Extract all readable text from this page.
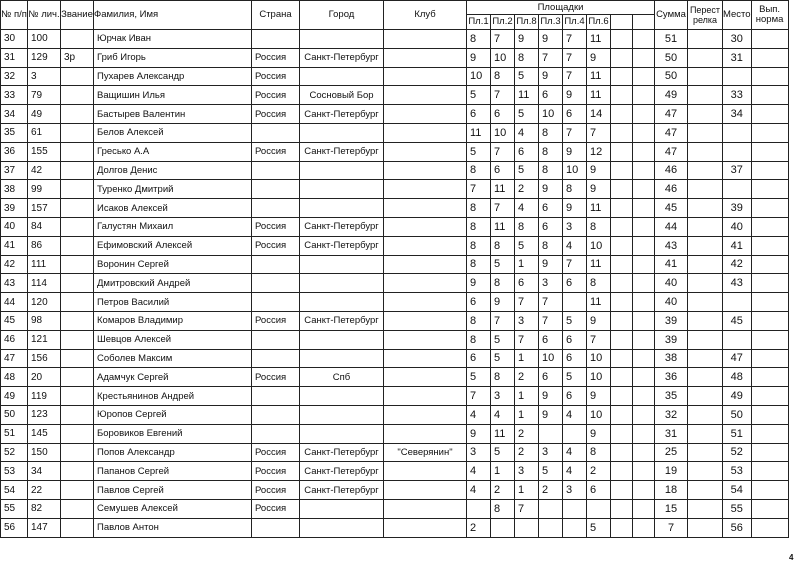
№ п/п	№ лич.	Звание	Фамилия, Имя	Страна	Город	Клуб	Площадки								Сумма	Перестрелка	Место	Вып. норма
							Пл.1	Пл.2	Пл.8	Пл.3	Пл.4	Пл.6						
30	100		Юрчак Иван				8	7	9	9	7	11			51		30	
31	129	3р	Гриб Игорь	Россия	Санкт-Петербург		9	10	8	7	7	9			50		31	
32	3		Пухарев Александр	Россия			10	8	5	9	7	11			50			
33	79		Ващишин Илья	Россия	Сосновый Бор		5	7	11	6	9	11			49		33	
34	49		Бастырев Валентин	Россия	Санкт-Петербург		6	6	5	10	6	14			47		34	
35	61		Белов Алексей				11	10	4	8	7	7			47			
36	155		Греськo А.А	Россия	Санкт-Петербург		5	7	6	8	9	12			47			
37	42		Долгов Денис				8	6	5	8	10	9			46		37	
38	99		Туренко Дмитрий				7	11	2	9	8	9			46			
39	157		Исаков Алексей				8	7	4	6	9	11			45		39	
40	84		Галустян Михаил	Россия	Санкт-Петербург		8	11	8	6	3	8			44		40	
41	86		Ефимовский Алексей	Россия	Санкт-Петербург		8	8	5	8	4	10			43		41	
42	111		Воронин Сергей				8	5	1	9	7	11			41		42	
43	114		Дмитровский Андрей				9	8	6	3	6	8			40		43	
44	120		Петров Василий				6	9	7	7		11			40			
45	98		Комаров Владимир	Россия	Санкт-Петербург		8	7	3	7	5	9			39		45	
46	121		Шевцов Алексей				8	5	7	6	6	7			39			
47	156		Соболев Максим				6	5	1	10	6	10			38		47	
48	20		Адамчук Сергей	Россия	Спб		5	8	2	6	5	10			36		48	
49	119		Крестьянинов Андрей				7	3	1	9	6	9			35		49	
50	123		Юропов Сергей				4	4	1	9	4	10			32		50	
51	145		Боровиков Евгений				9	11	2			9			31		51	
52	150		Попов Александр	Россия	Санкт-Петербург	"Северянин"	3	5	2	3	4	8			25		52	
53	34		Папанов Сергей	Россия	Санкт-Петербург		4	1	3	5	4	2			19		53	
54	22		Павлов Сергей	Россия	Санкт-Петербург		4	2	1	2	3	6			18		54	
55	82		Семушев Алексей	Россия				8	7						15		55	
56	147		Павлов Антон				2					5			7		56	
4
